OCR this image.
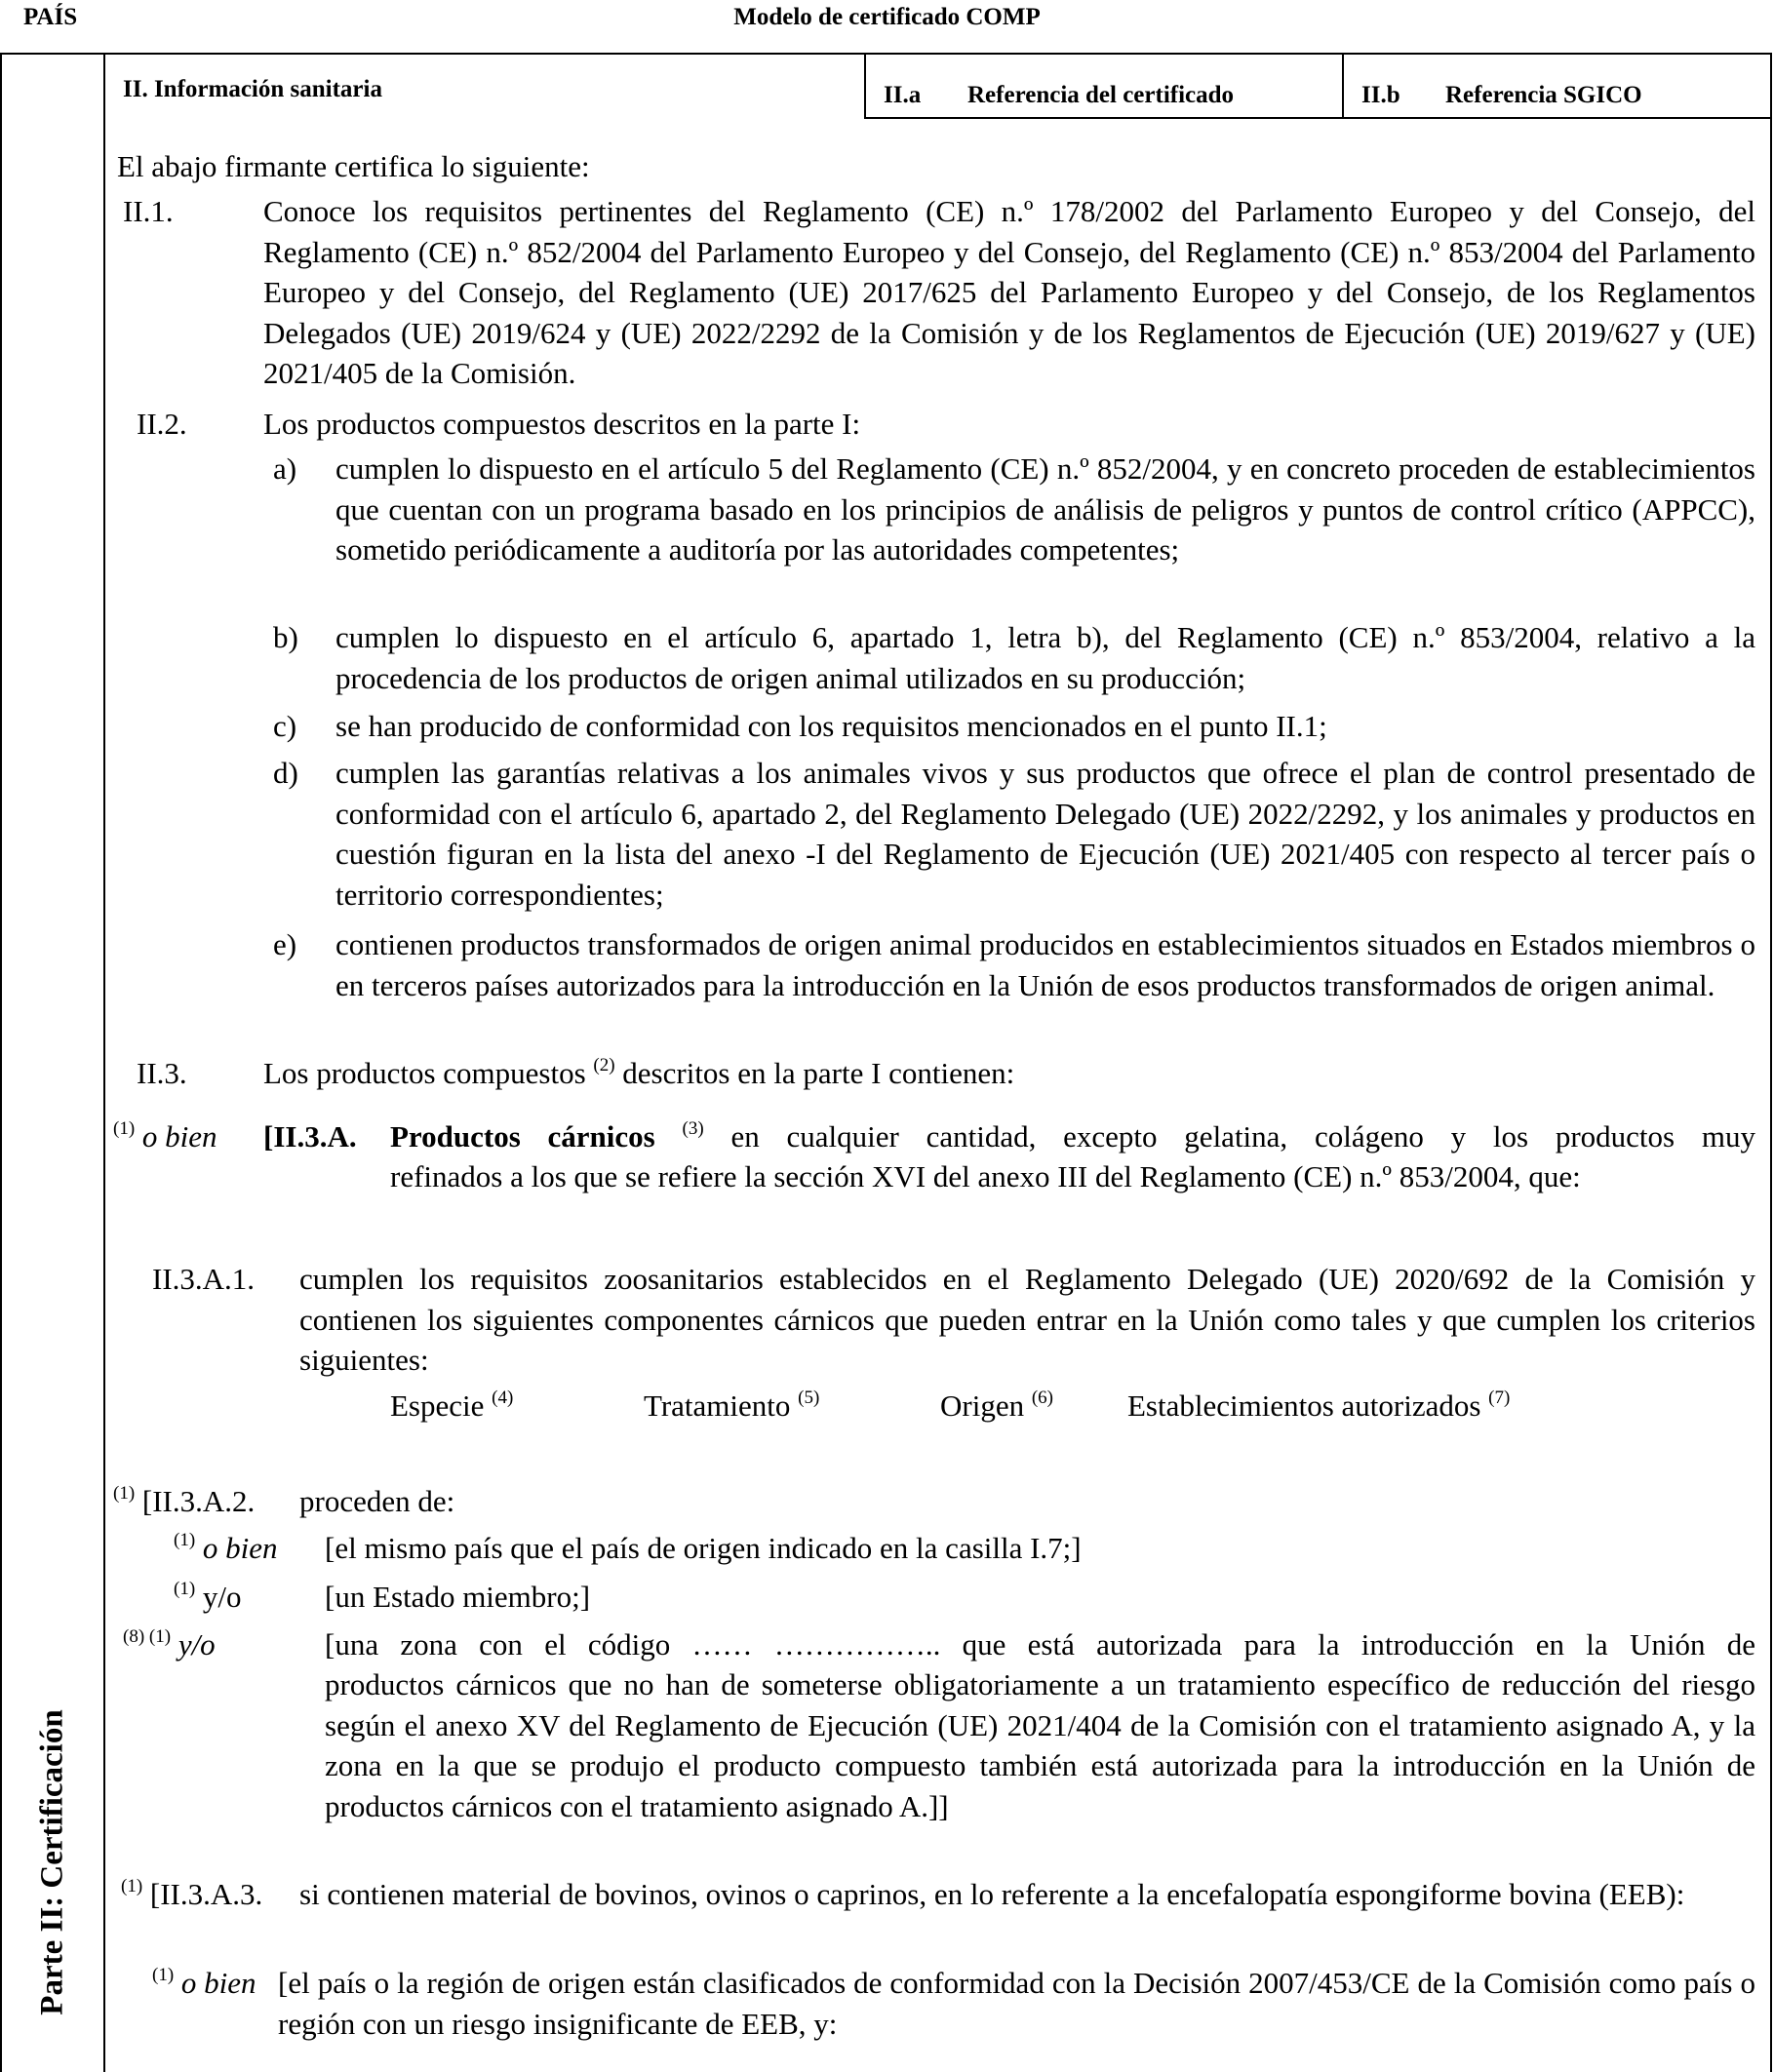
PAÍS	Modelo de certificado COMP
Parte II: Certificación
II. Información sanitaria	II.a Referencia del certificado	II.b Referencia SGICO
El abajo firmante certifica lo siguiente:
II.1.	Conoce los requisitos pertinentes del Reglamento (CE) n.º 178/2002 del Parlamento Europeo y del Consejo, del Reglamento (CE) n.º 852/2004 del Parlamento Europeo y del Consejo, del Reglamento (CE) n.º 853/2004 del Parlamento Europeo y del Consejo, del Reglamento (UE) 2017/625 del Parlamento Europeo y del Consejo, de los Reglamentos Delegados (UE) 2019/624 y (UE) 2022/2292 de la Comisión y de los Reglamentos de Ejecución (UE) 2019/627 y (UE) 2021/405 de la Comisión.
II.2.	Los productos compuestos descritos en la parte I:
a) cumplen lo dispuesto en el artículo 5 del Reglamento (CE) n.º 852/2004, y en concreto proceden de establecimientos que cuentan con un programa basado en los principios de análisis de peligros y puntos de control crítico (APPCC), sometido periódicamente a auditoría por las autoridades competentes;
b) cumplen lo dispuesto en el artículo 6, apartado 1, letra b), del Reglamento (CE) n.º 853/2004, relativo a la procedencia de los productos de origen animal utilizados en su producción;
c) se han producido de conformidad con los requisitos mencionados en el punto II.1;
d) cumplen las garantías relativas a los animales vivos y sus productos que ofrece el plan de control presentado de conformidad con el artículo 6, apartado 2, del Reglamento Delegado (UE) 2022/2292, y los animales y productos en cuestión figuran en la lista del anexo -I del Reglamento de Ejecución (UE) 2021/405 con respecto al tercer país o territorio correspondientes;
e) contienen productos transformados de origen animal producidos en establecimientos situados en Estados miembros o en terceros países autorizados para la introducción en la Unión de esos productos transformados de origen animal.
II.3.	Los productos compuestos $^{(2)}$ descritos en la parte I contienen:
$^{(1)}$ o bien [II.3.A. Productos cárnicos $^{(3)}$ en cualquier cantidad, excepto gelatina, colágeno y los productos muy
refinados a los que se refiere la sección XVI del anexo III del Reglamento (CE) n.º 853/2004, que:
II.3.A.1. cumplen los requisitos zoosanitarios establecidos en el Reglamento Delegado (UE) 2020/692 de la Comisión y contienen los siguientes componentes cárnicos que pueden entrar en la Unión como tales y que cumplen los criterios siguientes:
Especie $^{(4)}$	Tratamiento $^{(5)}$	Origen $^{(6)}$ Establecimientos autorizados $^{(7)}$
$^{(1)}$ [II.3.A.2. proceden de:
$^{(1)}$ o bien [el mismo país que el país de origen indicado en la casilla I.7;]
$^{(1)}$ y/o	[un Estado miembro;]
$^{(8) (1)}$ y/o	[una zona con el código …… …………….. que está autorizada para la introducción en la Unión de
productos cárnicos que no han de someterse obligatoriamente a un tratamiento específico de reducción del riesgo según el anexo XV del Reglamento de Ejecución (UE) 2021/404 de la Comisión con el tratamiento asignado A, y la zona en la que se produjo el producto compuesto también está autorizada para la introducción en la Unión de productos cárnicos con el tratamiento asignado A.]]
$^{(1)}$ [II.3.A.3. si contienen material de bovinos, ovinos o caprinos, en lo referente a la encefalopatía espongiforme bovina (EEB):
$^{(1)}$ o bien [el país o la región de origen están clasificados de conformidad con la Decisión 2007/453/CE de la Comisión como país o región con un riesgo insignificante de EEB, y:
